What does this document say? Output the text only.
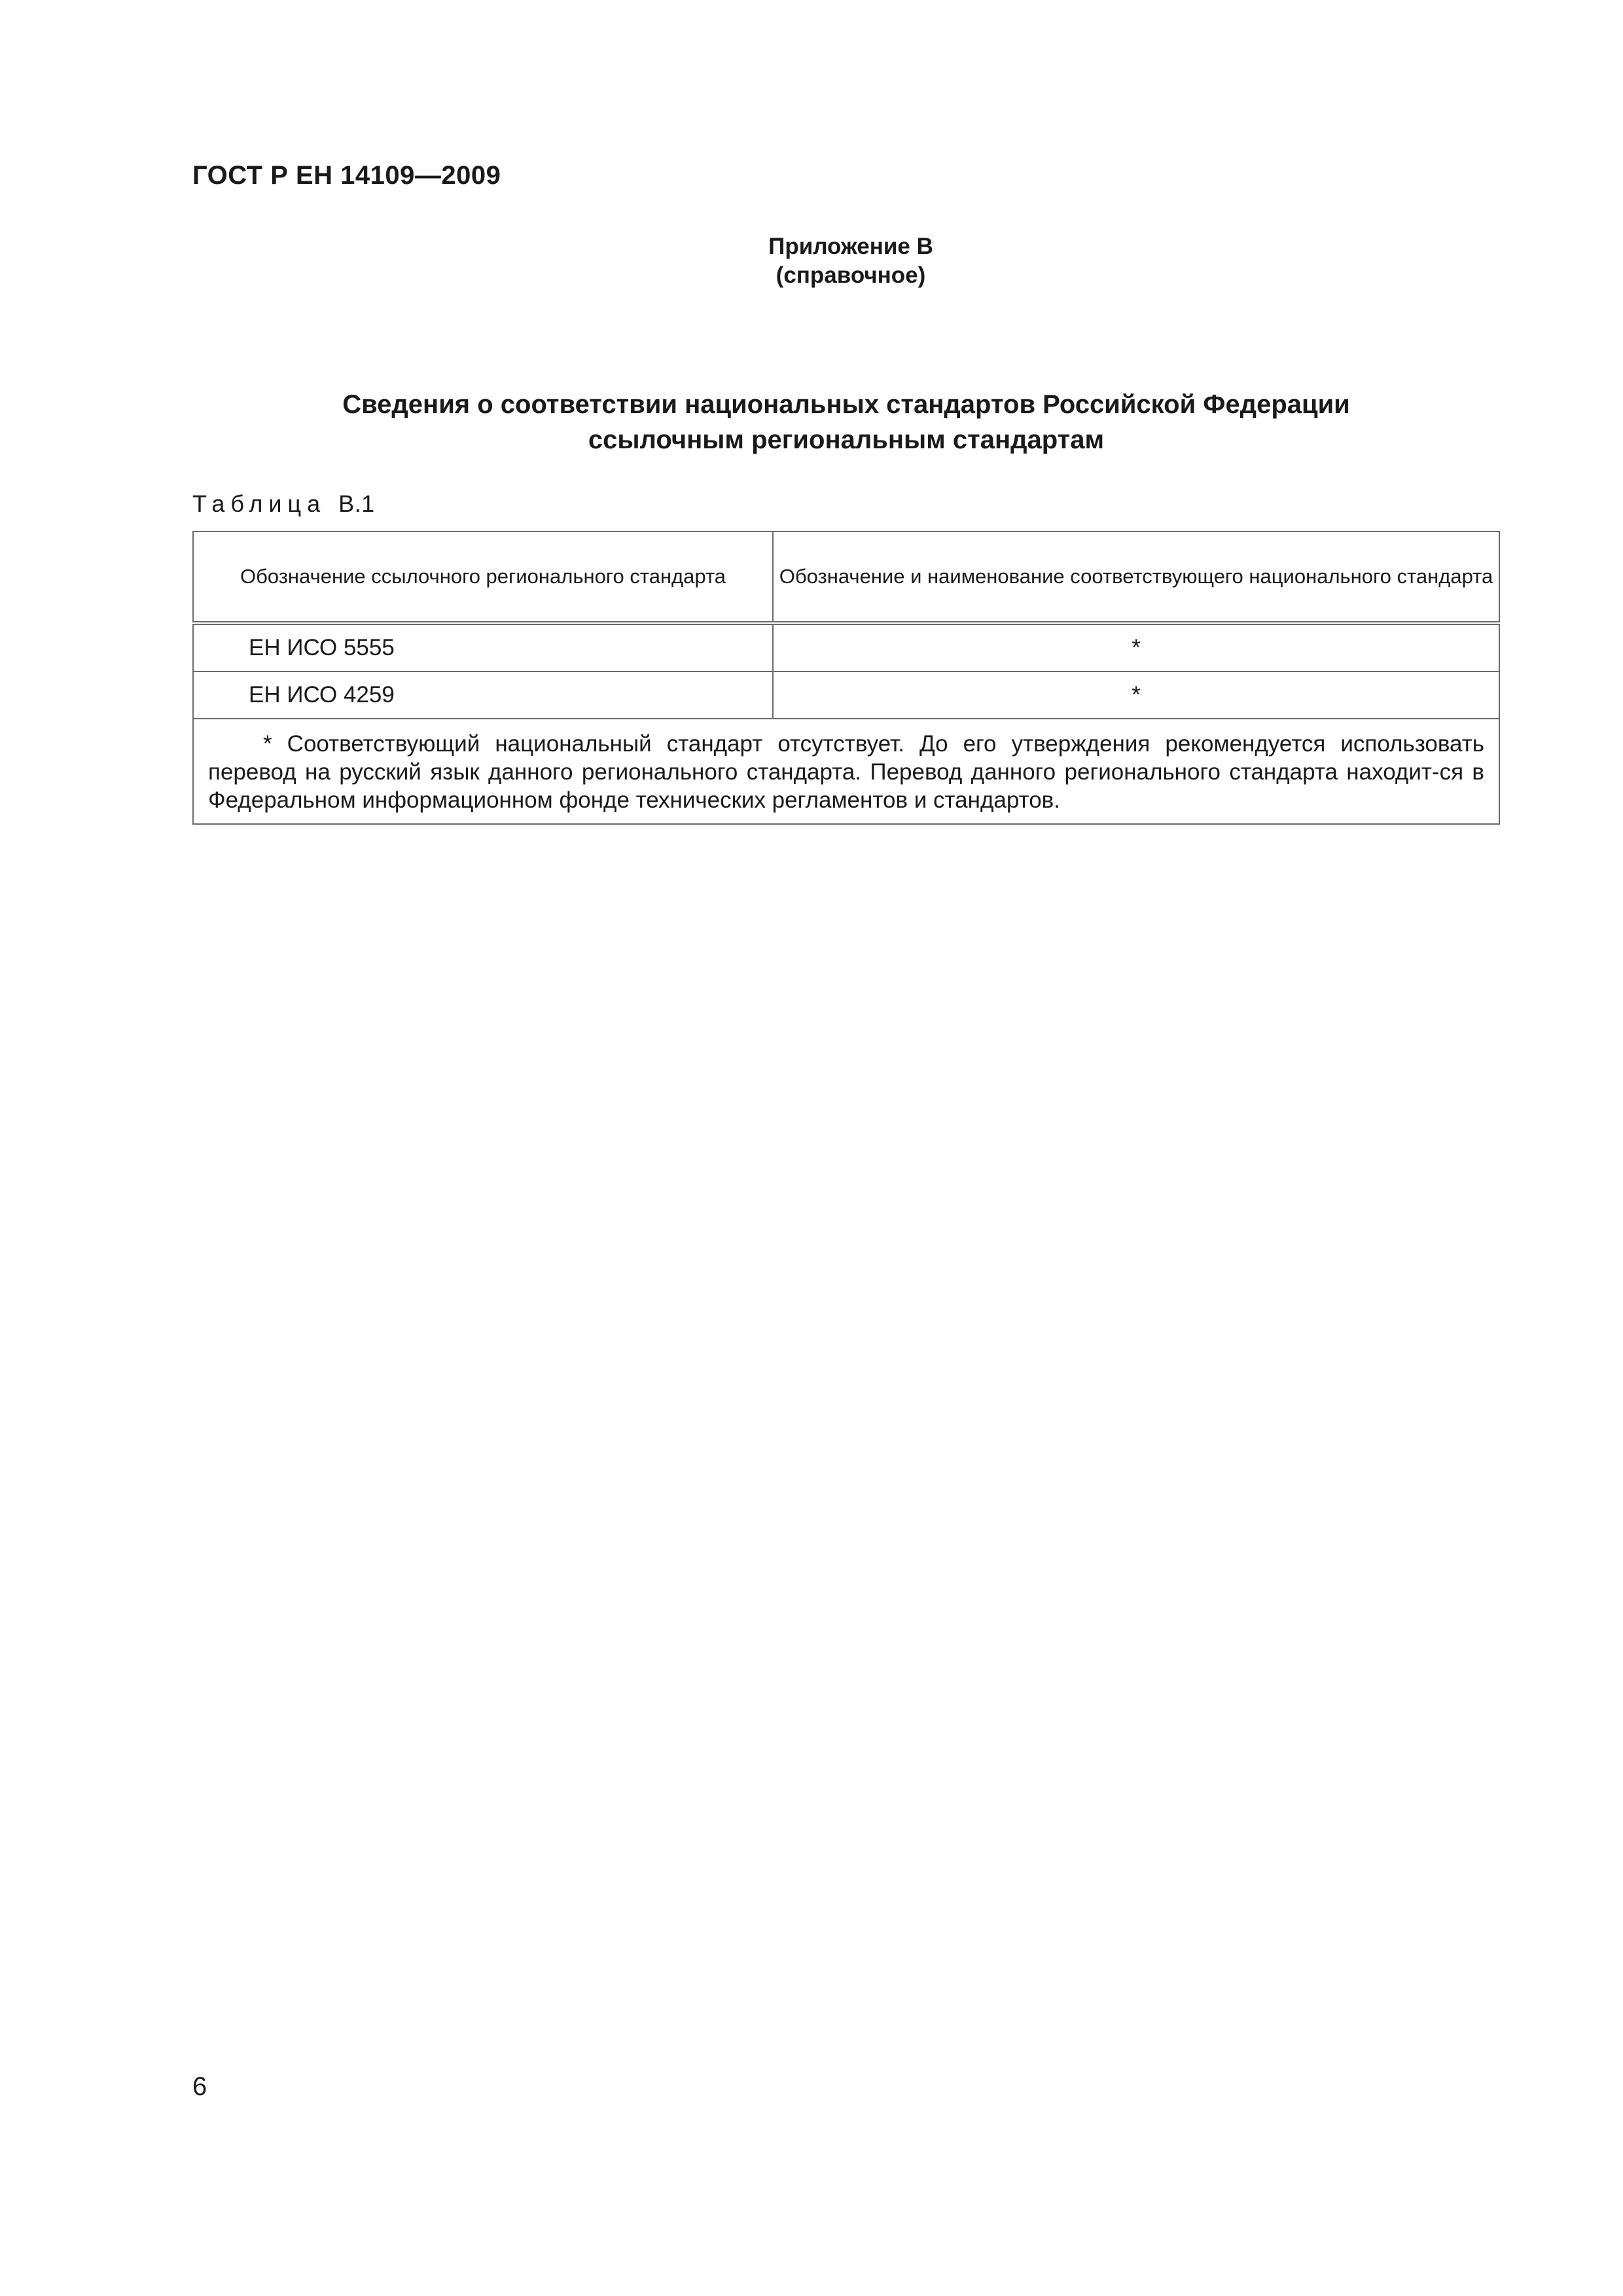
ГОСТ Р ЕН 14109—2009
Приложение В
(справочное)
Сведения о соответствии национальных стандартов Российской Федерации
ссылочным региональным стандартам
Таблица В.1
Обозначение ссылочного регионального стандарта	Обозначение и наименование соответствующего национального стандарта
ЕН ИСО 5555	*
ЕН ИСО 4259	*
* Соответствующий национальный стандарт отсутствует. До его утверждения рекомендуется использовать перевод на русский язык данного регионального стандарта. Перевод данного регионального стандарта находит-ся в Федеральном информационном фонде технических регламентов и стандартов.	
6
